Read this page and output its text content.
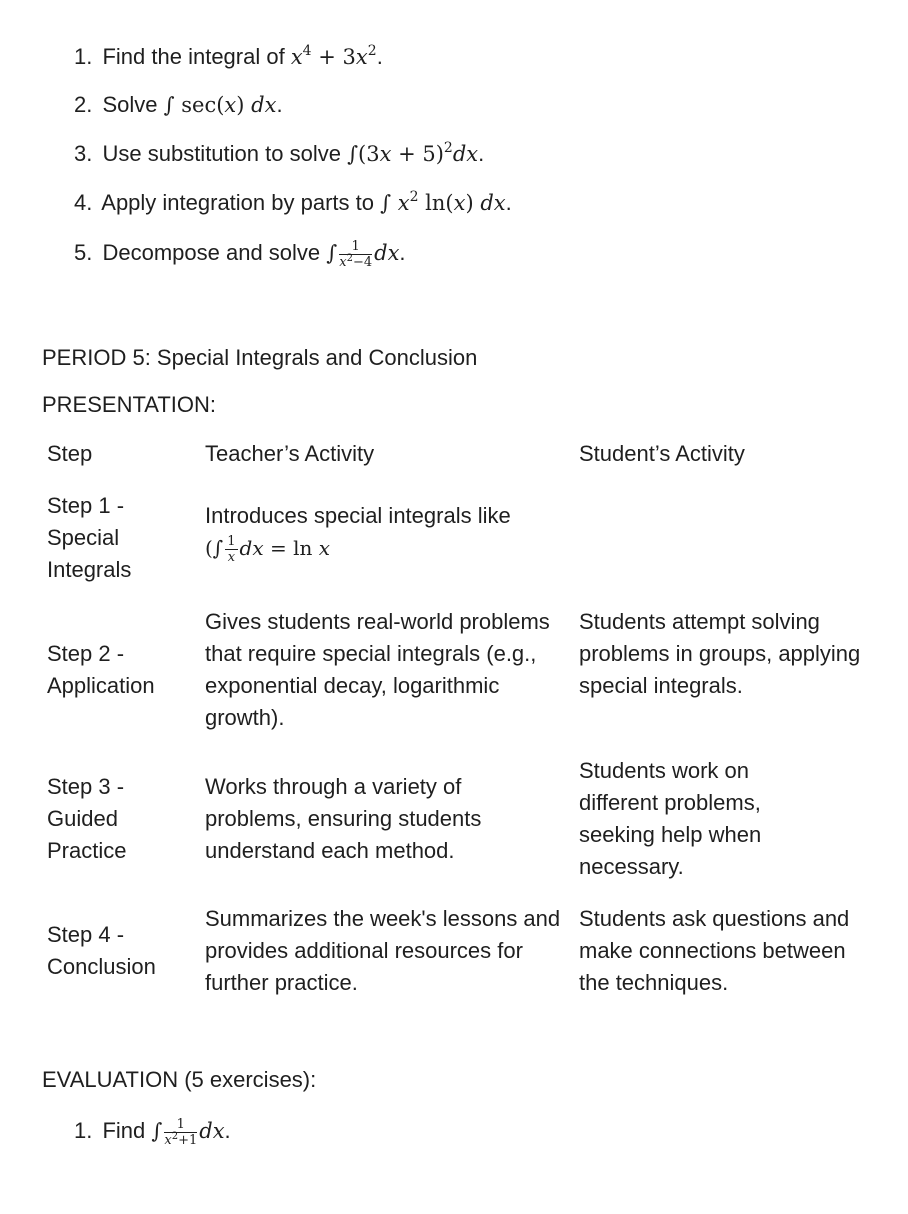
1. Find the integral of $x^4 + 3x^2$.
2. Solve ∫ sec(x) dx.
3. Use substitution to solve $\int(3x + 5)^2dx$.
4. Apply integration by parts to ∫ $x^2$ ln(x) dx.
5. Decompose and solve ∫ $\frac{1}{x^2-4}$ dx.
PERIOD 5: Special Integrals and Conclusion
PRESENTATION:
Step	Teacher’s Activity	Student’s Activity
Step 1 - Special Integrals
Introduces special integrals like
(∫ $\frac{1}{x}$ dx = ln x
Step 2 - Application
Gives students real-world problems that require special integrals (e.g., exponential decay, logarithmic growth).
Students attempt solving problems in groups, applying special integrals.
Step 3 - Guided Practice
Works through a variety of problems, ensuring students understand each method.
Students work on different problems, seeking help when necessary.
Step 4 - Conclusion
Summarizes the week's lessons and provides additional resources for further practice.
Students ask questions and make connections between the techniques.
EVALUATION (5 exercises):
1. Find ∫ $\frac{1}{x^2+1}$ dx.
